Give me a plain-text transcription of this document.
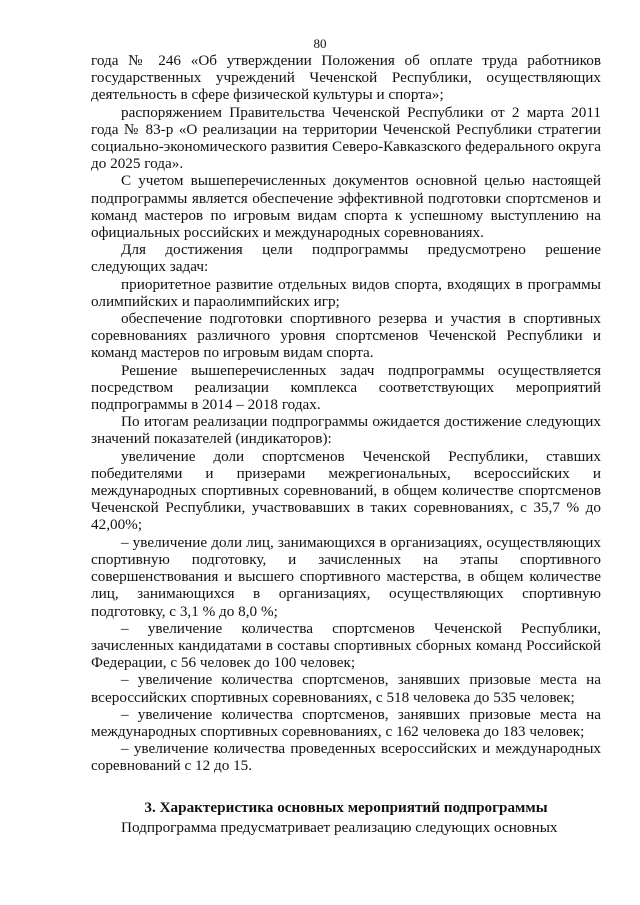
80

года № 246 «Об утверждении Положения об оплате труда работников государственных учреждений Чеченской Республики, осуществляющих деятельность в сфере физической культуры и спорта»;

распоряжением Правительства Чеченской Республики от 2 марта 2011 года № 83-р «О реализации на территории Чеченской Республики стратегии социально-экономического развития Северо-Кавказского федерального округа до 2025 года».

С учетом вышеперечисленных документов основной целью настоящей подпрограммы является обеспечение эффективной подготовки спортсменов и команд мастеров по игровым видам спорта к успешному выступлению на официальных российских и международных соревнованиях.

Для достижения цели подпрограммы предусмотрено решение следующих задач:

приоритетное развитие отдельных видов спорта, входящих в программы олимпийских и параолимпийских игр;

обеспечение подготовки спортивного резерва и участия в спортивных соревнованиях различного уровня спортсменов Чеченской Республики и команд мастеров по игровым видам спорта.

Решение вышеперечисленных задач подпрограммы осуществляется посредством реализации комплекса соответствующих мероприятий подпрограммы в 2014 – 2018 годах.

По итогам реализации подпрограммы ожидается достижение следующих значений показателей (индикаторов):

увеличение доли спортсменов Чеченской Республики, ставших победителями и призерами межрегиональных, всероссийских и международных спортивных соревнований, в общем количестве спортсменов Чеченской Республики, участвовавших в таких соревнованиях, с 35,7 % до 42,00%;

– увеличение доли лиц, занимающихся в организациях, осуществляющих спортивную подготовку, и зачисленных на этапы спортивного совершенствования и высшего спортивного мастерства, в общем количестве лиц, занимающихся в организациях, осуществляющих спортивную подготовку, с 3,1 % до 8,0 %;

– увеличение количества спортсменов Чеченской Республики, зачисленных кандидатами в составы спортивных сборных команд Российской Федерации, с 56 человек до 100 человек;

– увеличение количества спортсменов, занявших призовые места на всероссийских спортивных соревнованиях, с 518 человека до 535 человек;

– увеличение количества спортсменов, занявших призовые места на международных спортивных соревнованиях, с 162 человека до 183 человек;

– увеличение количества проведенных всероссийских и международных соревнований с 12 до 15.

3. Характеристика основных мероприятий подпрограммы

Подпрограмма предусматривает реализацию следующих основных
